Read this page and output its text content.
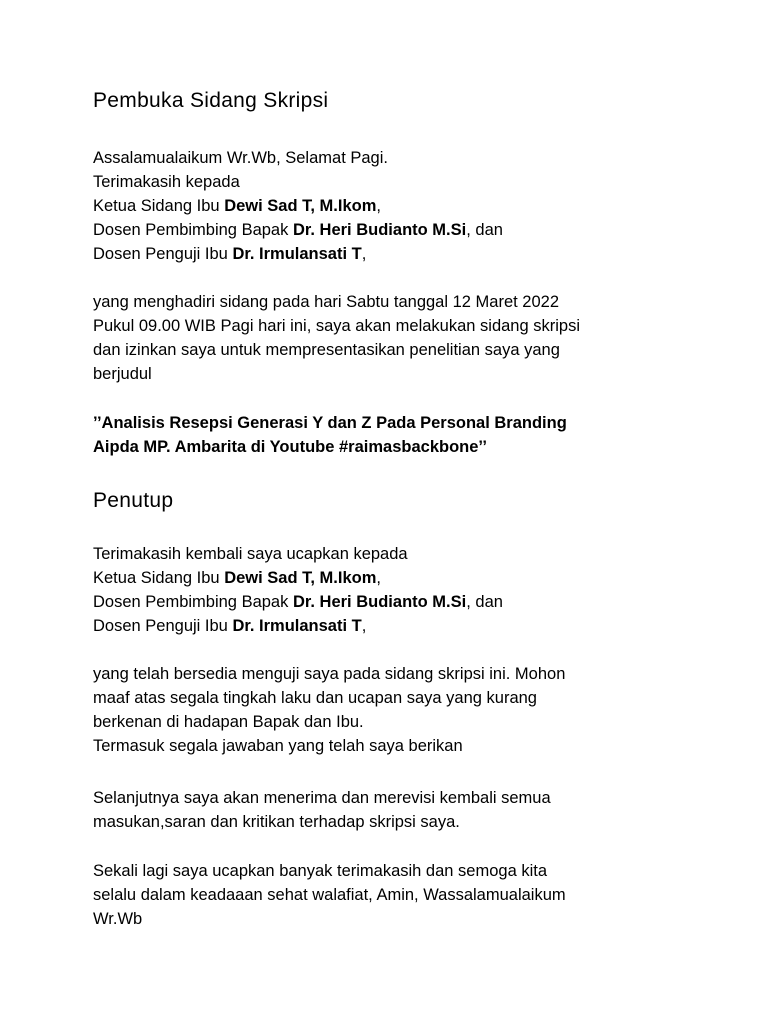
Pembuka Sidang Skripsi
Assalamualaikum Wr.Wb, Selamat Pagi.
Terimakasih kepada
Ketua Sidang Ibu Dewi Sad T, M.Ikom,
Dosen Pembimbing Bapak Dr. Heri Budianto M.Si, dan
Dosen Penguji Ibu Dr. Irmulansati T,
yang menghadiri sidang pada hari Sabtu tanggal 12 Maret 2022
Pukul 09.00 WIB Pagi hari ini, saya akan melakukan sidang skripsi
dan izinkan saya untuk mempresentasikan penelitian saya yang
berjudul
’’Analisis Resepsi Generasi Y dan Z Pada Personal Branding
Aipda MP. Ambarita di Youtube #raimasbackbone’’
Penutup
Terimakasih kembali saya ucapkan kepada
Ketua Sidang Ibu Dewi Sad T, M.Ikom,
Dosen Pembimbing Bapak Dr. Heri Budianto M.Si, dan
Dosen Penguji Ibu Dr. Irmulansati T,
yang telah bersedia menguji saya pada sidang skripsi ini. Mohon
maaf atas segala tingkah laku dan ucapan saya yang kurang
berkenan di hadapan Bapak dan Ibu.
Termasuk segala jawaban yang telah saya berikan
Selanjutnya saya akan menerima dan merevisi kembali semua
masukan,saran dan kritikan terhadap skripsi saya.
Sekali lagi saya ucapkan banyak terimakasih dan semoga kita
selalu dalam keadaaan sehat walafiat, Amin, Wassalamualaikum
Wr.Wb
